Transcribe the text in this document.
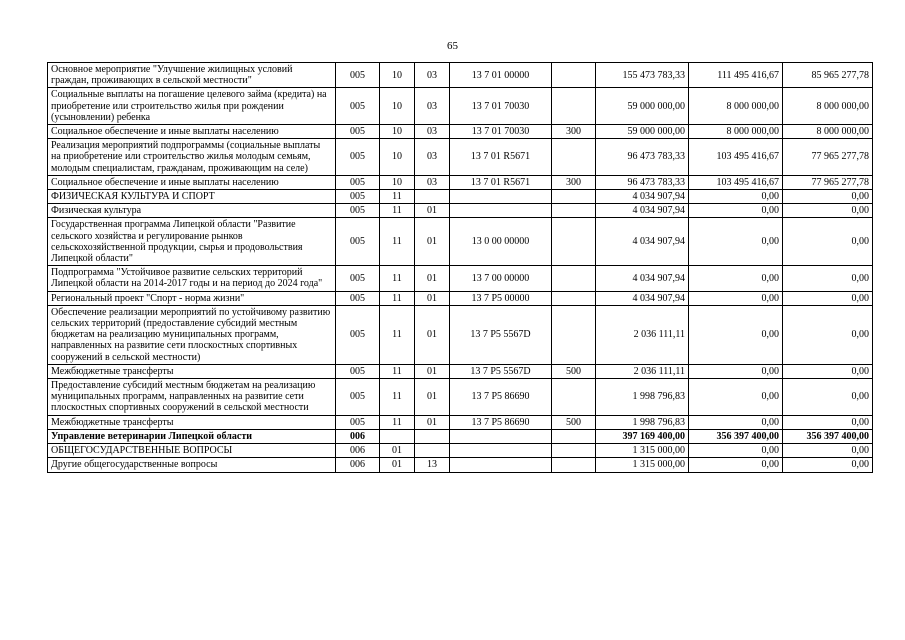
65
Основное мероприятие "Улучшение жилищных условий граждан, проживающих в сельской местности"	005	10	03	13 7 01 00000		155 473 783,33	111 495 416,67	85 965 277,78
Социальные выплаты на погашение целевого займа (кредита) на приобретение или строительство жилья при рождении (усыновлении) ребенка	005	10	03	13 7 01 70030		59 000 000,00	8 000 000,00	8 000 000,00
Социальное обеспечение и иные выплаты населению	005	10	03	13 7 01 70030	300	59 000 000,00	8 000 000,00	8 000 000,00
Реализация мероприятий подпрограммы (социальные выплаты на приобретение или строительство жилья молодым семьям, молодым специалистам, гражданам, проживающим на селе)	005	10	03	13 7 01 R5671		96 473 783,33	103 495 416,67	77 965 277,78
Социальное обеспечение и иные выплаты населению	005	10	03	13 7 01 R5671	300	96 473 783,33	103 495 416,67	77 965 277,78
ФИЗИЧЕСКАЯ КУЛЬТУРА И СПОРТ	005	11				4 034 907,94	0,00	0,00
Физическая культура	005	11	01			4 034 907,94	0,00	0,00
Государственная программа Липецкой области "Развитие сельского хозяйства и регулирование рынков сельскохозяйственной продукции, сырья и продовольствия Липецкой области"	005	11	01	13 0 00 00000		4 034 907,94	0,00	0,00
Подпрограмма "Устойчивое развитие сельских территорий Липецкой области на 2014-2017 годы и на период до 2024 года"	005	11	01	13 7 00 00000		4 034 907,94	0,00	0,00
Региональный проект "Спорт - норма жизни"	005	11	01	13 7 P5 00000		4 034 907,94	0,00	0,00
Обеспечение реализации мероприятий по устойчивому развитию сельских территорий (предоставление субсидий местным бюджетам на реализацию муниципальных программ, направленных на развитие сети плоскостных спортивных сооружений в сельской местности)	005	11	01	13 7 P5 5567D		2 036 111,11	0,00	0,00
Межбюджетные трансферты	005	11	01	13 7 P5 5567D	500	2 036 111,11	0,00	0,00
Предоставление субсидий местным бюджетам на реализацию муниципальных программ, направленных на развитие сети плоскостных спортивных сооружений в сельской местности	005	11	01	13 7 P5 86690		1 998 796,83	0,00	0,00
Межбюджетные трансферты	005	11	01	13 7 P5 86690	500	1 998 796,83	0,00	0,00
Управление ветеринарии Липецкой области	006					397 169 400,00	356 397 400,00	356 397 400,00
ОБЩЕГОСУДАРСТВЕННЫЕ ВОПРОСЫ	006	01				1 315 000,00	0,00	0,00
Другие общегосударственные вопросы	006	01	13			1 315 000,00	0,00	0,00
